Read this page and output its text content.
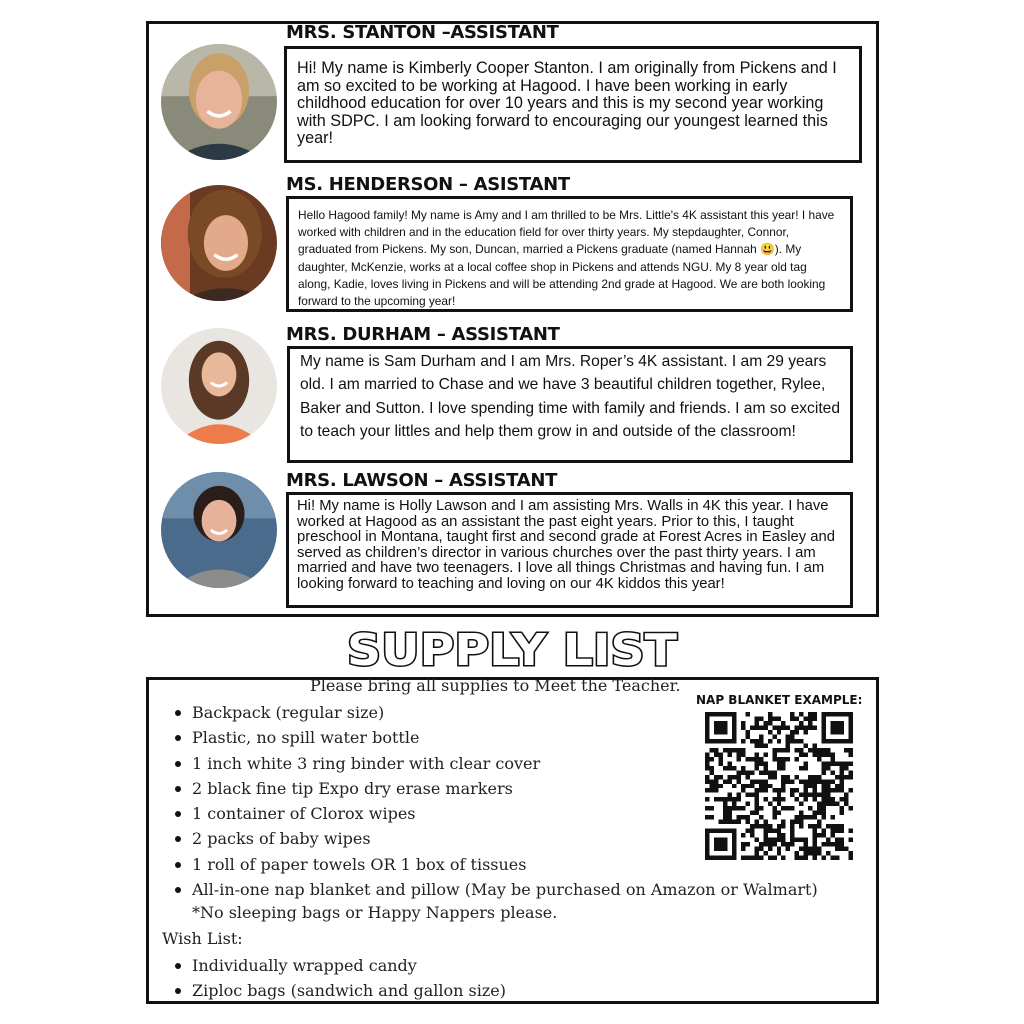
MRS. STANTON –ASSISTANT

Hi! My name is Kimberly Cooper Stanton. I am originally from Pickens and I am so excited to be working at Hagood. I have been working in early childhood education for over 10 years and this is my second year working with SDPC. I am looking forward to encouraging our youngest learned this year!

MS. HENDERSON – ASISTANT

Hello Hagood family! My name is Amy and I am thrilled to be Mrs. Little's 4K assistant this year! I have worked with children and in the education field for over thirty years. My stepdaughter, Connor, graduated from Pickens. My son, Duncan, married a Pickens graduate (named Hannah 😃). My daughter, McKenzie, works at a local coffee shop in Pickens and attends NGU. My 8 year old tag along, Kadie, loves living in Pickens and will be attending 2nd grade at Hagood. We are both looking forward to the upcoming year!

MRS. DURHAM – ASSISTANT

My name is Sam Durham and I am Mrs. Roper’s 4K assistant. I am 29 years old. I am married to Chase and we have 3 beautiful children together, Rylee, Baker and Sutton. I love spending time with family and friends. I am so excited to teach your littles and help them grow in and outside of the classroom!

MRS. LAWSON – ASSISTANT

Hi! My name is Holly Lawson and I am assisting Mrs. Walls in 4K this year. I have worked at Hagood as an assistant the past eight years. Prior to this, I taught preschool in Montana, taught first and second grade at Forest Acres in Easley and served as children’s director in various churches over the past thirty years. I am married and have two teenagers. I love all things Christmas and having fun. I am looking forward to teaching and loving on our 4K kiddos this year!

SUPPLY LIST
Please bring all supplies to Meet the Teacher.
Backpack (regular size)
Plastic, no spill water bottle
1 inch white 3 ring binder with clear cover
2 black fine tip Expo dry erase markers
1 container of Clorox wipes
2 packs of baby wipes
1 roll of paper towels OR 1 box of tissues
All-in-one nap blanket and pillow (May be purchased on Amazon or Walmart)
*No sleeping bags or Happy Nappers please.
Wish List:
Individually wrapped candy
Ziploc bags (sandwich and gallon size)
NAP BLANKET EXAMPLE:
